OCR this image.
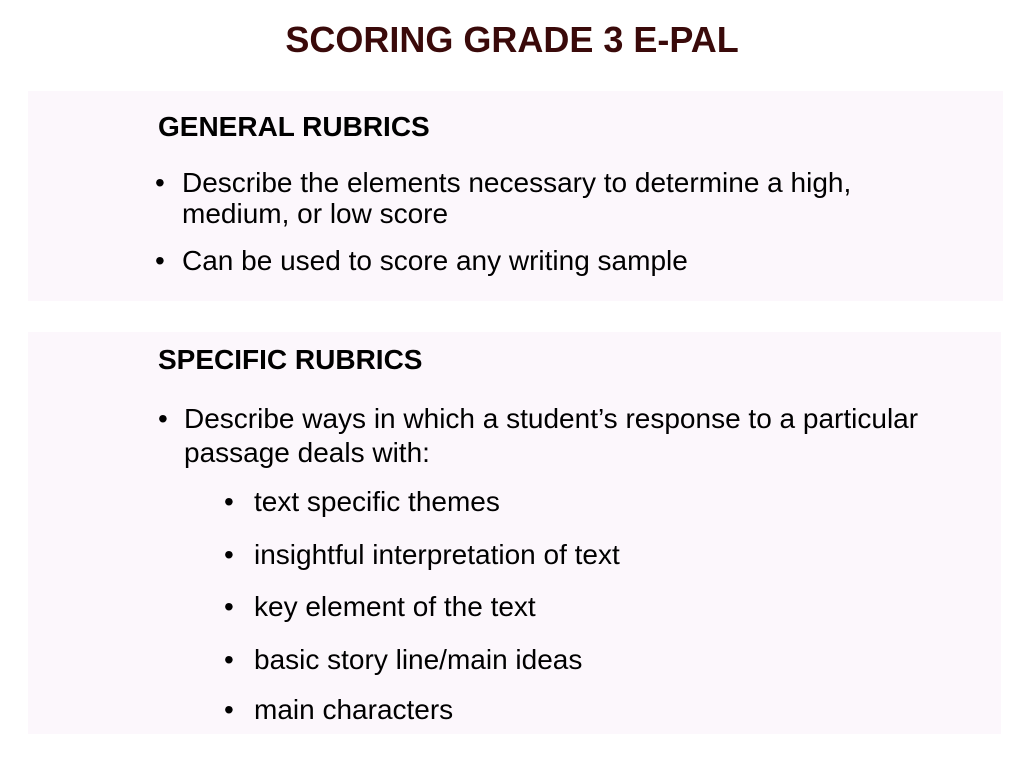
SCORING GRADE 3 E-PAL
GENERAL RUBRICS
• Describe the elements necessary to determine a high, medium, or low score
• Can be used to score any writing sample
SPECIFIC RUBRICS
• Describe ways in which a student’s response to a particular passage deals with:
• text specific themes
• insightful interpretation of text
• key element of the text
• basic story line/main ideas
• main characters
